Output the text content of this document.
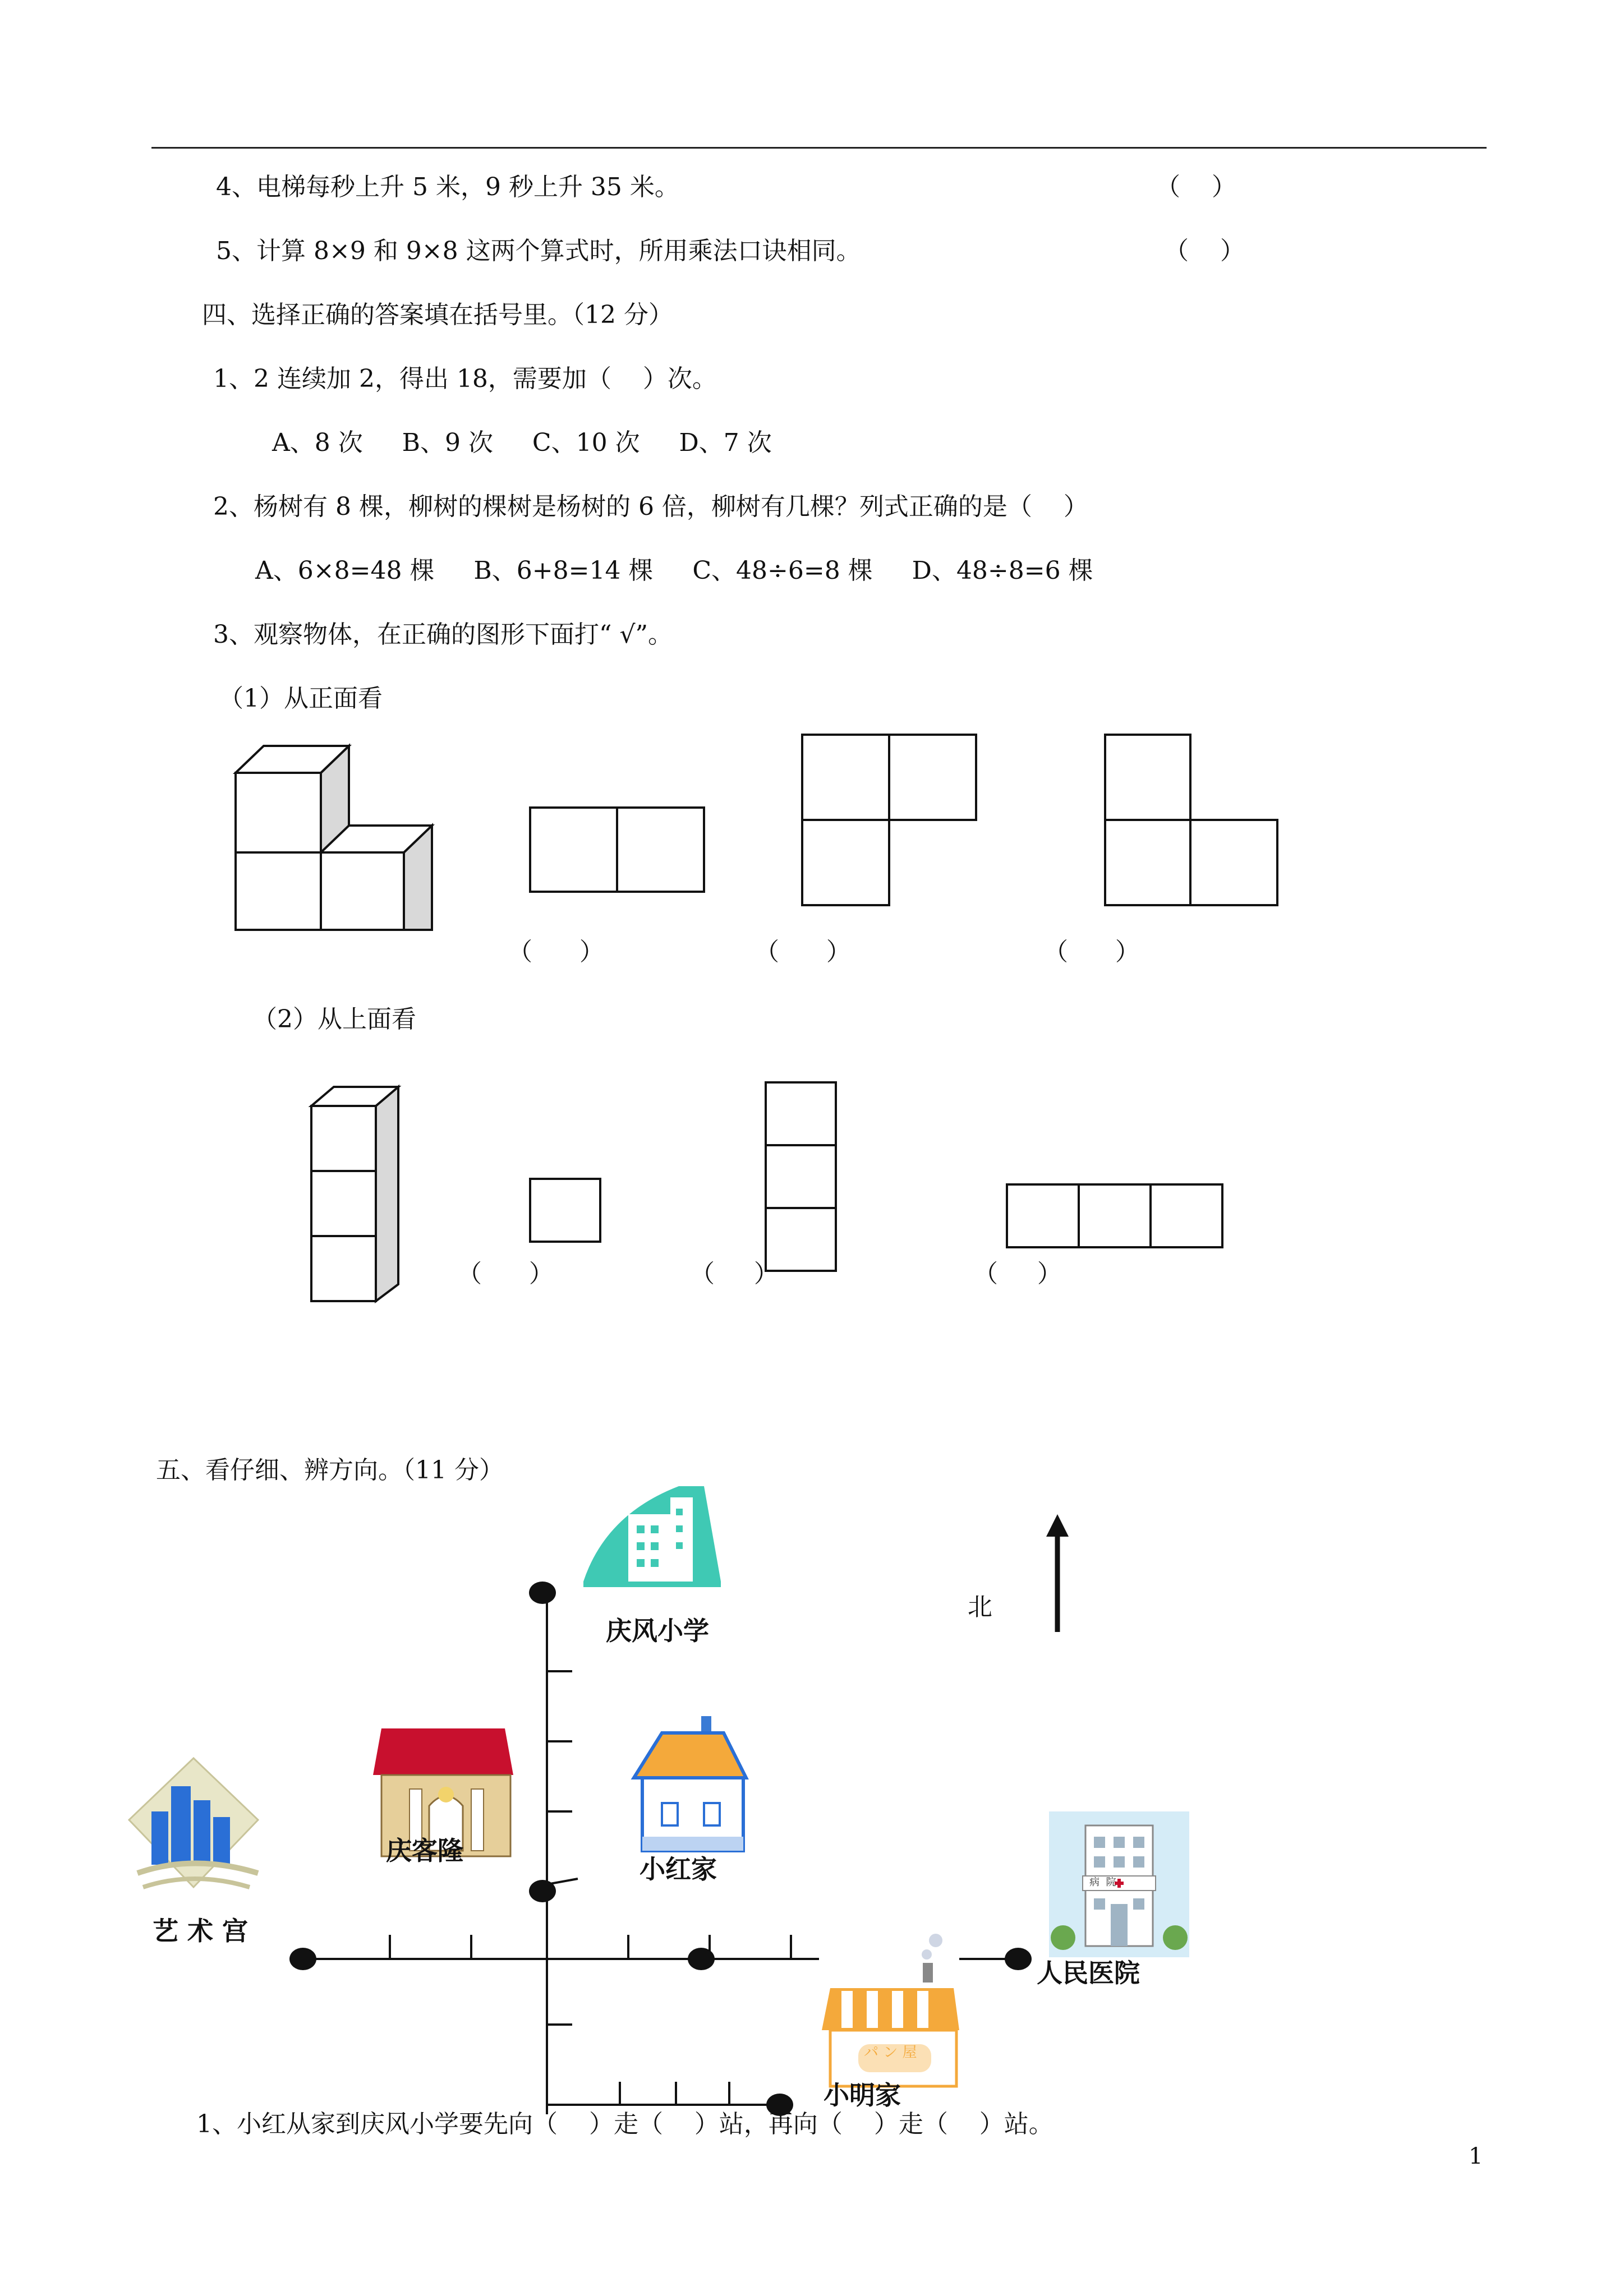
4、电梯每秒上升 5 米，9 秒上升 35 米。	（    ）
5、计算 8×9 和 9×8 这两个算式时，所用乘法口诀相同。	（    ）
四、选择正确的答案填在括号里。（12 分）
1、2 连续加 2，得出 18，需要加（    ）次。
A、8 次     B、9 次     C、10 次     D、7 次
2、杨树有 8 棵，柳树的棵树是杨树的 6 倍，柳树有几棵？列式正确的是（    ）
A、6×8=48 棵     B、6+8=14 棵     C、48÷6=8 棵     D、48÷8=6 棵
3、观察物体，在正确的图形下面打“ √”。
（1）从正面看
（      ）	（      ）	（      ）
（2）从上面看
（      ）	（     ）	（     ）
五、看仔细、辨方向。（11 分）
北
庆风小学
庆客隆
小红家
艺 术 宫
人民医院
小明家
パ ン 屋
病  院
1、小红从家到庆风小学要先向（    ）走（    ）站，再向（    ）走（    ）站。
1
